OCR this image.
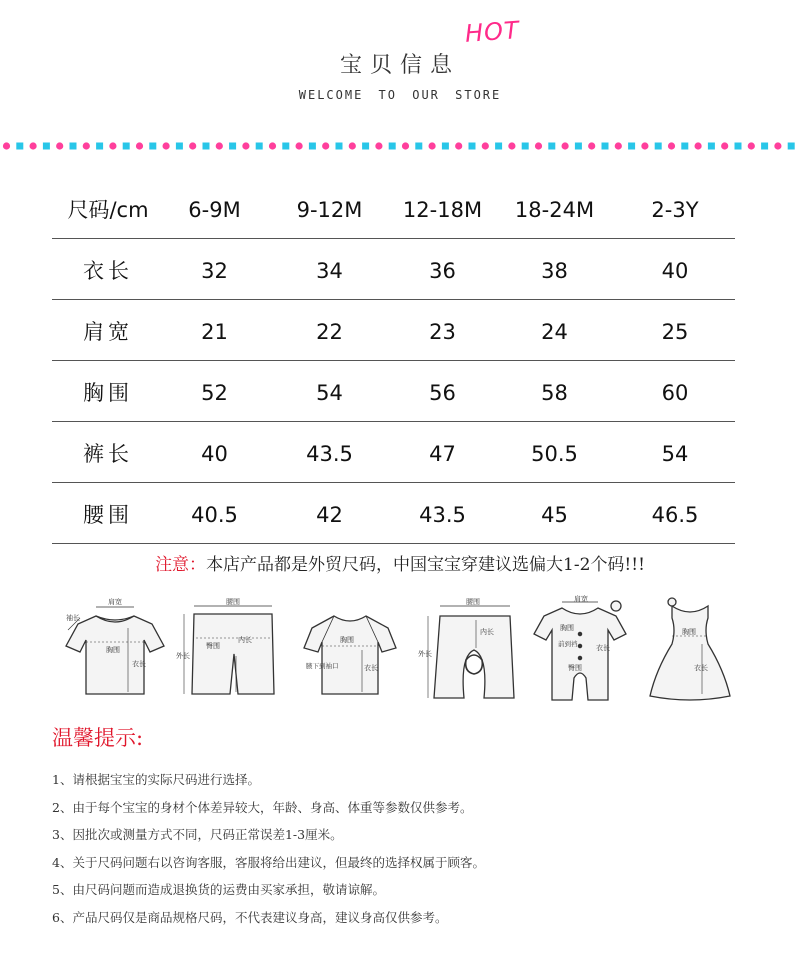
宝贝信息
HOT
WELCOME TO OUR STORE
尺码/cm	6-9M	9-12M	12-18M	18-24M	2-3Y
衣长	32	34	36	38	40
肩宽	21	22	23	24	25
胸围	52	54	56	58	60
裤长	40	43.5	47	50.5	54
腰围	40.5	42	43.5	45	46.5
注意：本店产品都是外贸尺码，中国宝宝穿建议选偏大1-2个码!!!
肩宽
袖长
胸围
衣长
腰围
臀围
内长
外长
胸围
衣长
腋下到袖口
腰围
内长
外长
肩宽
胸围
前到裆	衣长
臀围
胸围
衣长
温馨提示:
1、请根据宝宝的实际尺码进行选择。
2、由于每个宝宝的身材个体差异较大，年龄、身高、体重等参数仅供参考。
3、因批次或测量方式不同，尺码正常误差1-3厘米。
4、关于尺码问题右以咨询客服，客服将给出建议，但最终的选择权属于顾客。
5、由尺码问题而造成退换货的运费由买家承担，敬请谅解。
6、产品尺码仅是商品规格尺码，不代表建议身高，建议身高仅供参考。
